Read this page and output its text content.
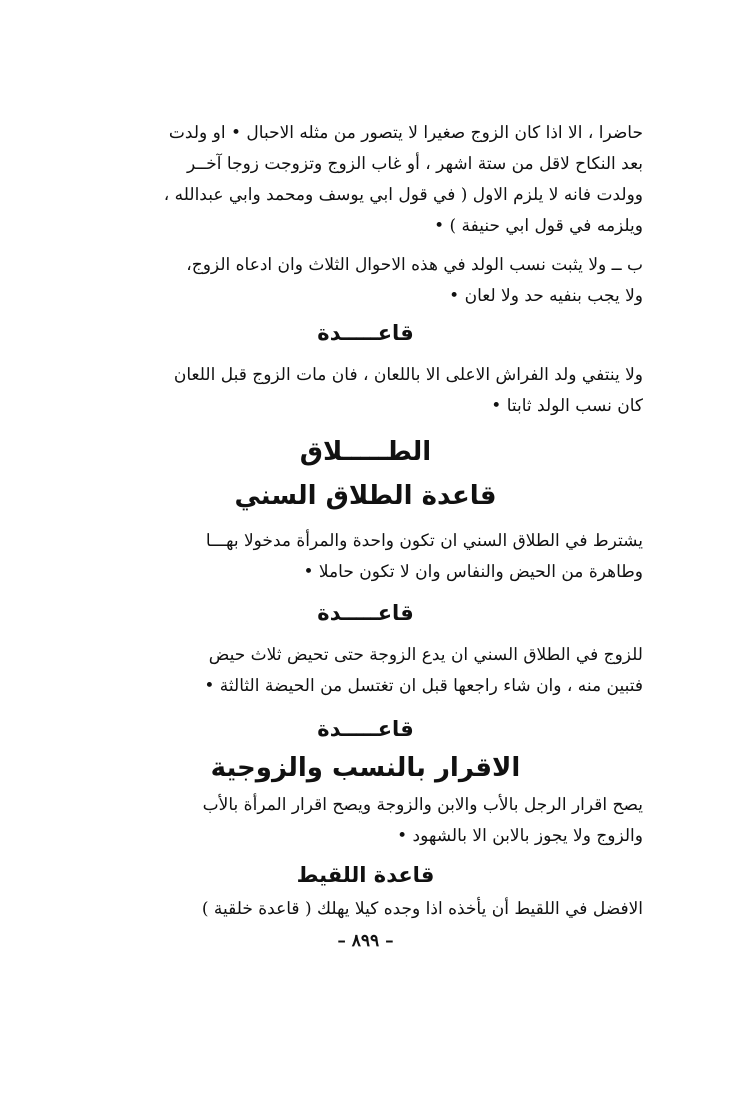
حاضرا ، الا اذا كان الزوج صغيرا لا يتصور من مثله الاحبال • او ولدت
بعد النكاح لاقل من ستة اشهر ، أو غاب الزوج وتزوجت زوجا آخــر
وولدت فانه لا يلزم الاول ( في قول ابي يوسف ومحمد وابي عبدالله ،
ويلزمه في قول ابي حنيفة ) •

ب ــ ولا يثبت نسب الولد في هذه الاحوال الثلاث وان ادعاه الزوج،
ولا يجب بنفيه حد ولا لعان •

قاعـــــدة

ولا ينتفي ولد الفراش الاعلى الا باللعان ، فان مات الزوج قبل اللعان
كان نسب الولد ثابتا •

الطـــــلاق
قاعدة الطلاق السني

يشترط في الطلاق السني ان تكون واحدة والمرأة مدخولا بهـــا
وطاهرة من الحيض والنفاس وان لا تكون حاملا •

قاعـــــدة

للزوج في الطلاق السني ان يدع الزوجة حتى تحيض ثلاث حيض
فتبين منه ، وان شاء راجعها قبل ان تغتسل من الحيضة الثالثة •

قاعـــــدة
الاقرار بالنسب والزوجية

يصح اقرار الرجل بالأب والابن والزوجة ويصح اقرار المرأة بالأب
والزوج ولا يجوز بالابن الا بالشهود •

قاعدة اللقيط

الافضل في اللقيط أن يأخذه اذا وجده كيلا يهلك ( قاعدة خلقية )

– ٨٩٩ –
